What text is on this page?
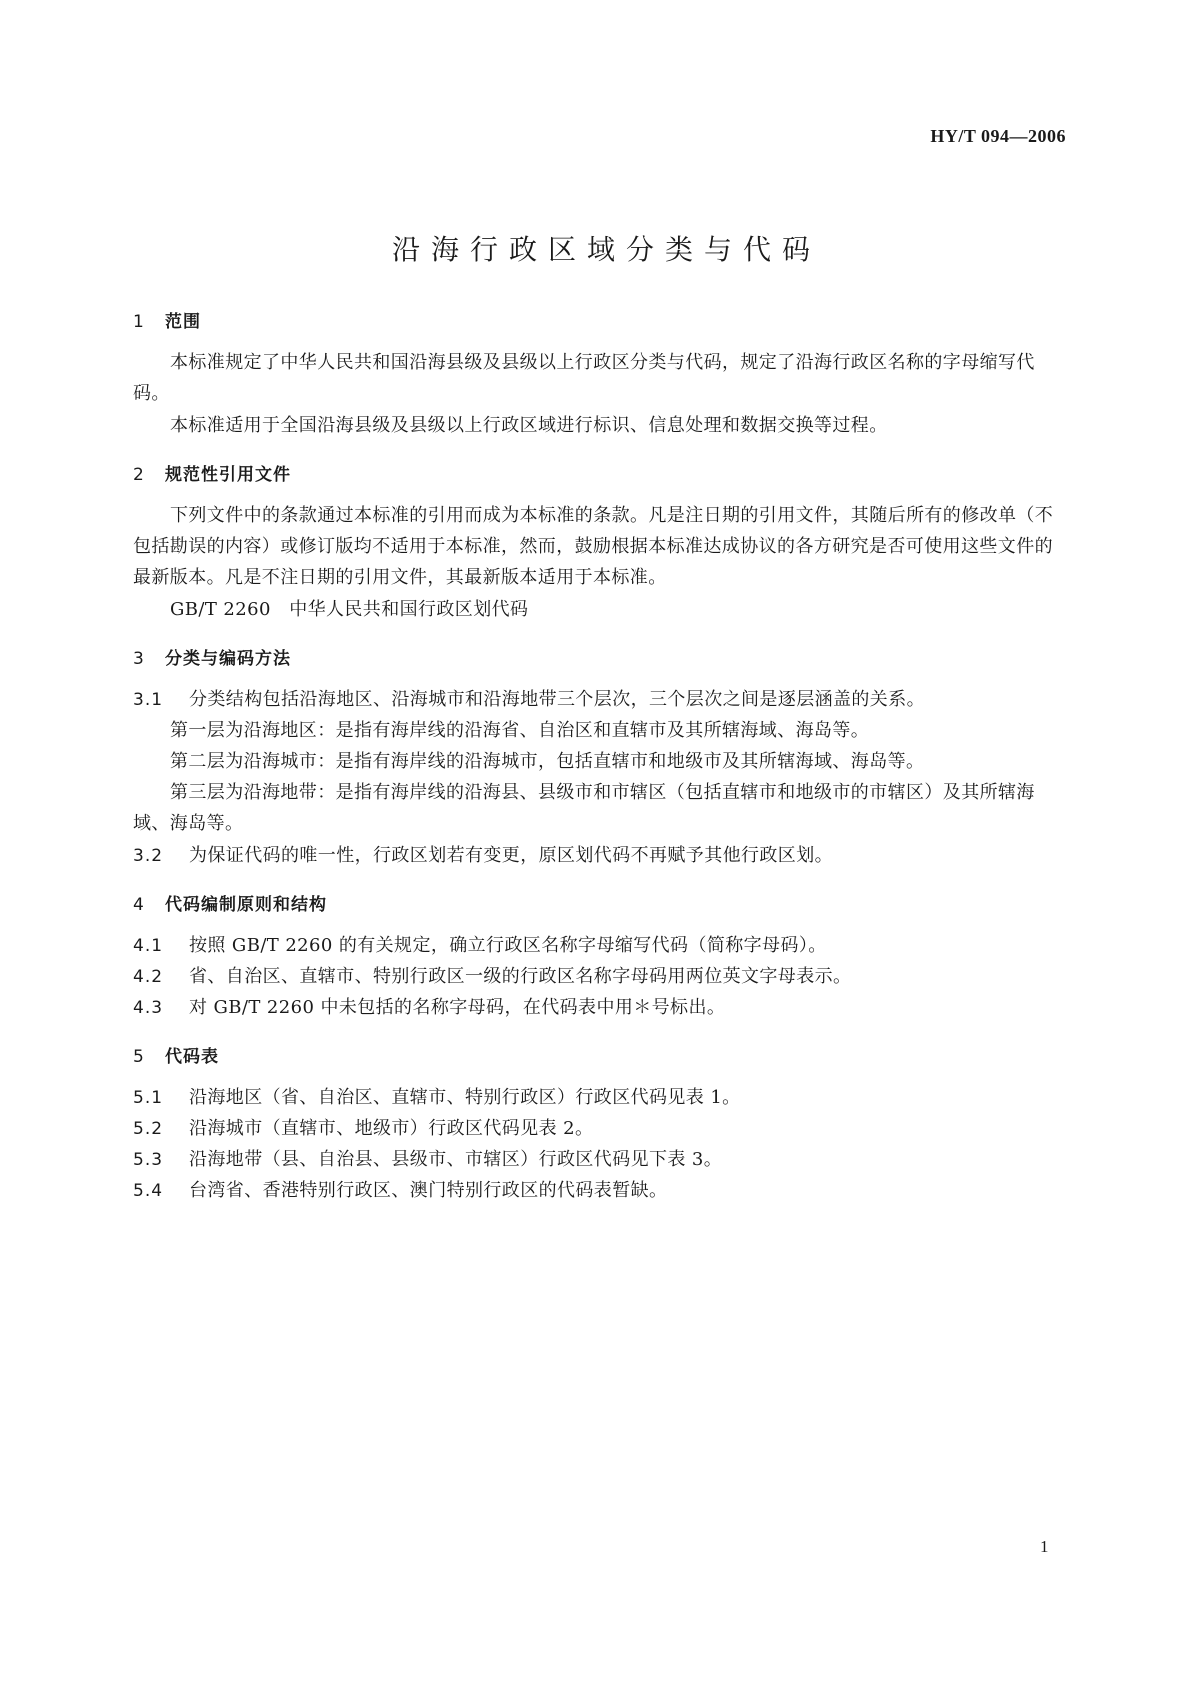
HY/T 094—2006
沿海行政区域分类与代码
1 范围
本标准规定了中华人民共和国沿海县级及县级以上行政区分类与代码，规定了沿海行政区名称的字母缩写代码。
本标准适用于全国沿海县级及县级以上行政区域进行标识、信息处理和数据交换等过程。
2 规范性引用文件
下列文件中的条款通过本标准的引用而成为本标准的条款。凡是注日期的引用文件，其随后所有的修改单（不包括勘误的内容）或修订版均不适用于本标准，然而，鼓励根据本标准达成协议的各方研究是否可使用这些文件的最新版本。凡是不注日期的引用文件，其最新版本适用于本标准。
GB/T 2260　中华人民共和国行政区划代码
3 分类与编码方法
3.1 分类结构包括沿海地区、沿海城市和沿海地带三个层次，三个层次之间是逐层涵盖的关系。
第一层为沿海地区：是指有海岸线的沿海省、自治区和直辖市及其所辖海域、海岛等。
第二层为沿海城市：是指有海岸线的沿海城市，包括直辖市和地级市及其所辖海域、海岛等。
第三层为沿海地带：是指有海岸线的沿海县、县级市和市辖区（包括直辖市和地级市的市辖区）及其所辖海域、海岛等。
3.2 为保证代码的唯一性，行政区划若有变更，原区划代码不再赋予其他行政区划。
4 代码编制原则和结构
4.1 按照 GB/T 2260 的有关规定，确立行政区名称字母缩写代码（简称字母码）。
4.2 省、自治区、直辖市、特别行政区一级的行政区名称字母码用两位英文字母表示。
4.3 对 GB/T 2260 中未包括的名称字母码，在代码表中用＊号标出。
5 代码表
5.1 沿海地区（省、自治区、直辖市、特别行政区）行政区代码见表 1。
5.2 沿海城市（直辖市、地级市）行政区代码见表 2。
5.3 沿海地带（县、自治县、县级市、市辖区）行政区代码见下表 3。
5.4 台湾省、香港特别行政区、澳门特别行政区的代码表暂缺。
1
